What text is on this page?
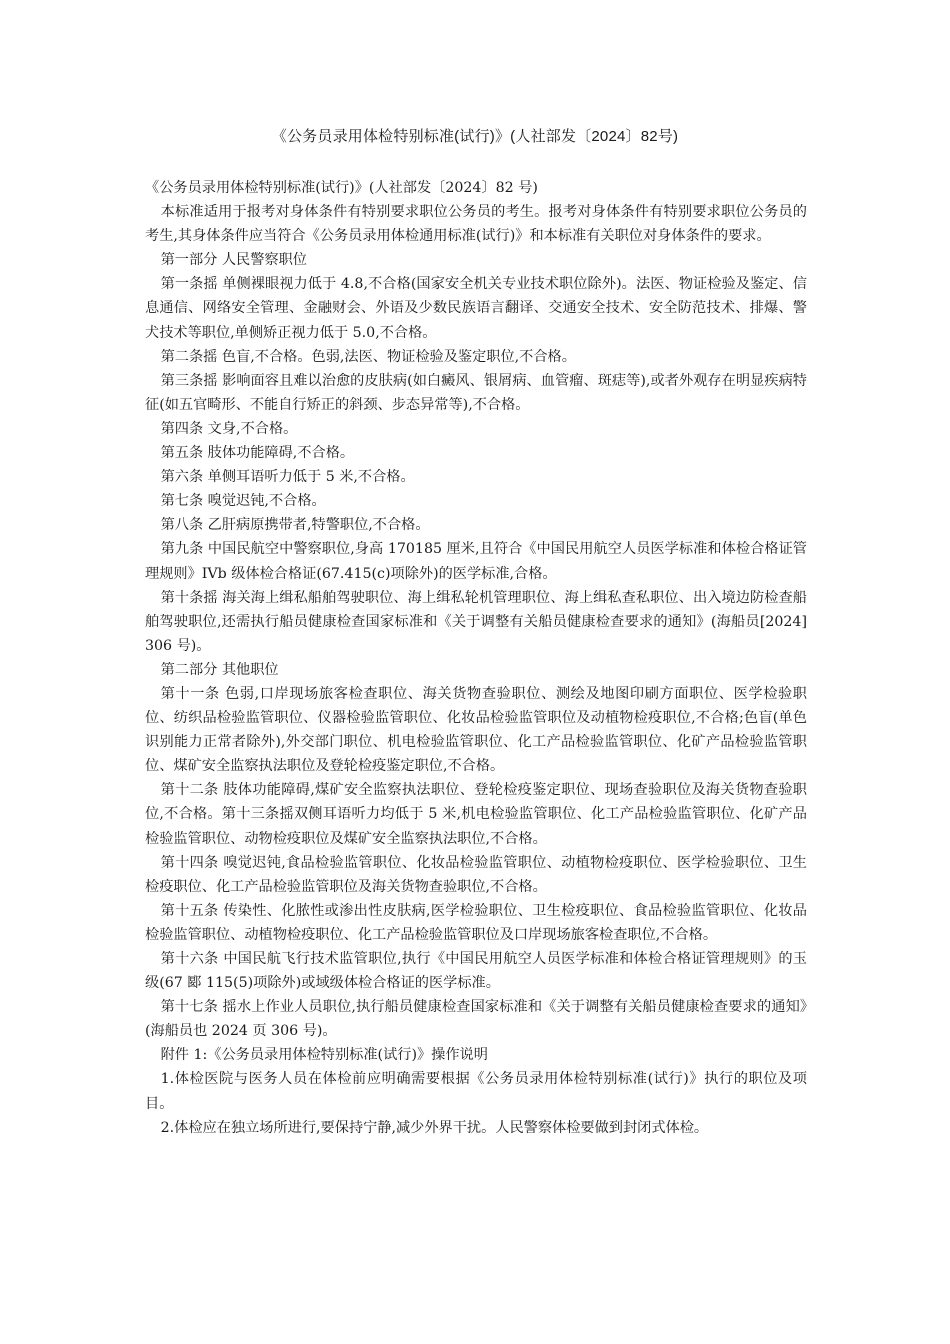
《公务员录用体检特别标准(试行)》(人社部发〔2024〕82号)

《公务员录用体检特别标准(试行)》(人社部发〔2024〕82 号)

本标准适用于报考对身体条件有特别要求职位公务员的考生。报考对身体条件有特别要求职位公务员的考生,其身体条件应当符合《公务员录用体检通用标准(试行)》和本标准有关职位对身体条件的要求。

第一部分 人民警察职位

第一条摇 单侧裸眼视力低于 4.8,不合格(国家安全机关专业技术职位除外)。法医、物证检验及鉴定、信息通信、网络安全管理、金融财会、外语及少数民族语言翻译、交通安全技术、安全防范技术、排爆、警犬技术等职位,单侧矫正视力低于 5.0,不合格。

第二条摇 色盲,不合格。色弱,法医、物证检验及鉴定职位,不合格。

第三条摇 影响面容且难以治愈的皮肤病(如白癜风、银屑病、血管瘤、斑痣等),或者外观存在明显疾病特征(如五官畸形、不能自行矫正的斜颈、步态异常等),不合格。

第四条 文身,不合格。

第五条 肢体功能障碍,不合格。

第六条 单侧耳语听力低于 5 米,不合格。

第七条 嗅觉迟钝,不合格。

第八条 乙肝病原携带者,特警职位,不合格。

第九条 中国民航空中警察职位,身高 170185 厘米,且符合《中国民用航空人员医学标准和体检合格证管理规则》IVb 级体检合格证(67.415(c)项除外)的医学标准,合格。

第十条摇 海关海上缉私船舶驾驶职位、海上缉私轮机管理职位、海上缉私查私职位、出入境边防检查船舶驾驶职位,还需执行船员健康检查国家标准和《关于调整有关船员健康检查要求的通知》(海船员[2024]306 号)。

第二部分 其他职位

第十一条 色弱,口岸现场旅客检查职位、海关货物查验职位、测绘及地图印刷方面职位、医学检验职位、纺织品检验监管职位、仪器检验监管职位、化妆品检验监管职位及动植物检疫职位,不合格;色盲(单色识别能力正常者除外),外交部门职位、机电检验监管职位、化工产品检验监管职位、化矿产品检验监管职位、煤矿安全监察执法职位及登轮检疫鉴定职位,不合格。

第十二条 肢体功能障碍,煤矿安全监察执法职位、登轮检疫鉴定职位、现场查验职位及海关货物查验职位,不合格。第十三条摇双侧耳语听力均低于 5 米,机电检验监管职位、化工产品检验监管职位、化矿产品检验监管职位、动物检疫职位及煤矿安全监察执法职位,不合格。

第十四条 嗅觉迟钝,食品检验监管职位、化妆品检验监管职位、动植物检疫职位、医学检验职位、卫生检疫职位、化工产品检验监管职位及海关货物查验职位,不合格。

第十五条 传染性、化脓性或渗出性皮肤病,医学检验职位、卫生检疫职位、食品检验监管职位、化妆品检验监管职位、动植物检疫职位、化工产品检验监管职位及口岸现场旅客检查职位,不合格。

第十六条 中国民航飞行技术监管职位,执行《中国民用航空人员医学标准和体检合格证管理规则》的玉级(67 郾 115(5)项除外)或域级体检合格证的医学标准。

第十七条 摇水上作业人员职位,执行船员健康检查国家标准和《关于调整有关船员健康检查要求的通知》(海船员也 2024 页 306 号)。

附件 1:《公务员录用体检特别标准(试行)》操作说明

1.体检医院与医务人员在体检前应明确需要根据《公务员录用体检特别标准(试行)》执行的职位及项目。

2.体检应在独立场所进行,要保持宁静,减少外界干扰。人民警察体检要做到封闭式体检。
